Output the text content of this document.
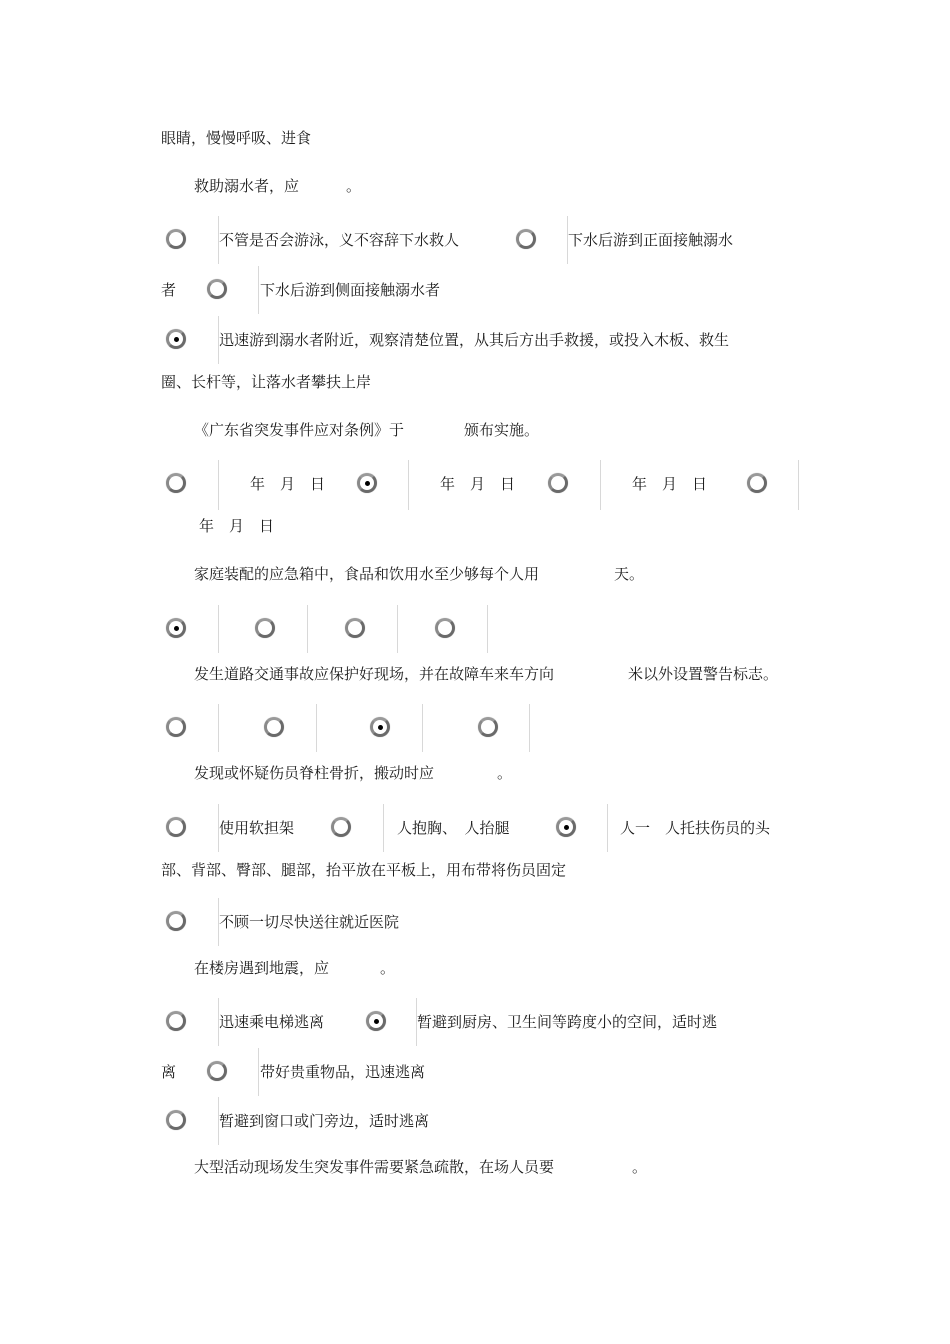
眼睛，慢慢呼吸、进食
救助溺水者，应	。
不管是否会游泳，义不容辞下水救人	下水后游到正面接触溺水
者	下水后游到侧面接触溺水者
迅速游到溺水者附近，观察清楚位置，从其后方出手救援，或投入木板、救生
圈、长杆等，让落水者攀扶上岸
《广东省突发事件应对条例》于	颁布实施。
年　月　日	年　月　日	年　月　日
年　月　日
家庭装配的应急箱中，食品和饮用水至少够每个人用	天。
发生道路交通事故应保护好现场，并在故障车来车方向	米以外设置警告标志。
发现或怀疑伤员脊柱骨折，搬动时应	。
使用软担架	人抱胸、　人抬腿	人一　人托扶伤员的头
部、背部、臀部、腿部，抬平放在平板上，用布带将伤员固定
不顾一切尽快送往就近医院
在楼房遇到地震，应	。
迅速乘电梯逃离	暂避到厨房、卫生间等跨度小的空间，适时逃
离	带好贵重物品，迅速逃离
暂避到窗口或门旁边，适时逃离
大型活动现场发生突发事件需要紧急疏散，在场人员要	。
